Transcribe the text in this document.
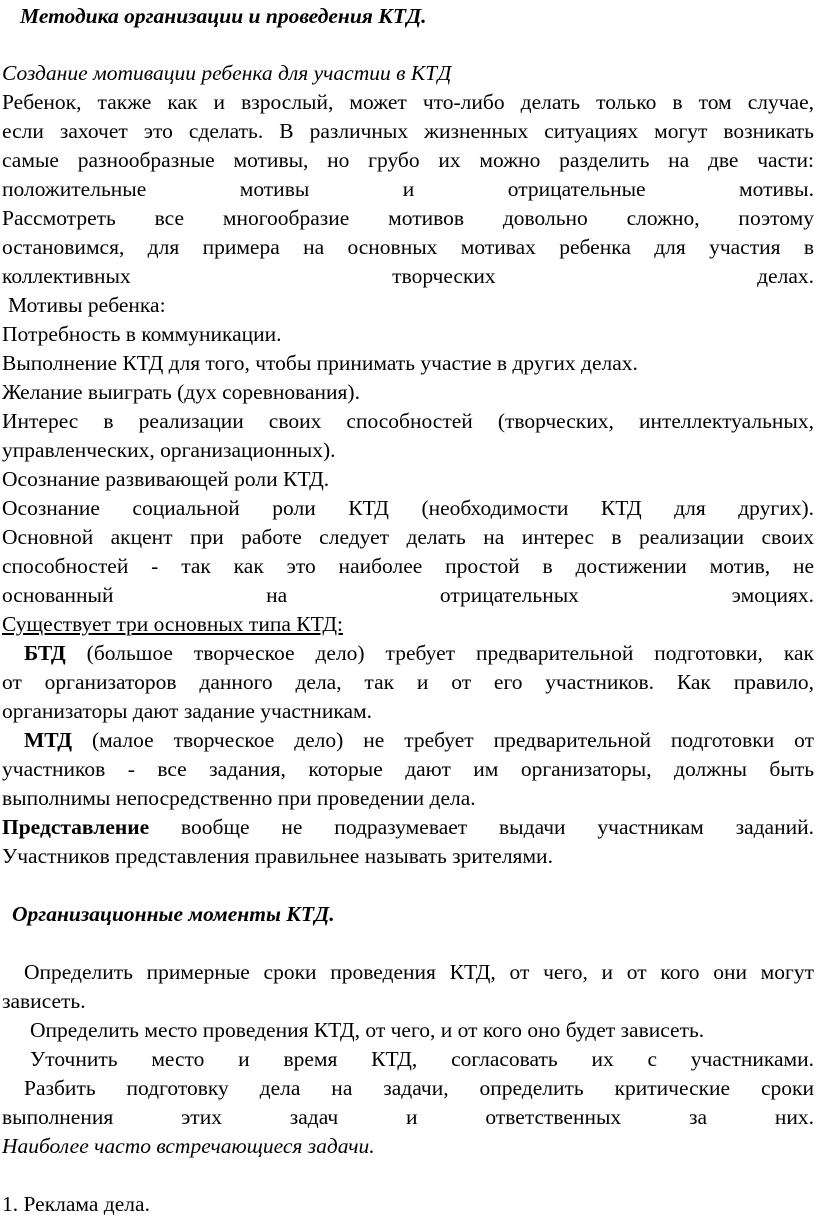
Методика организации и проведения КТД.

Создание мотивации ребенка для участии в КТД

Ребенок, также как и взрослый, может что-либо делать только в том случае,

если захочет это сделать. В различных жизненных ситуациях могут возникать

самые разнообразные мотивы, но грубо их можно разделить на две части:

положительные мотивы и отрицательные мотивы.

Рассмотреть все многообразие мотивов довольно сложно, поэтому

остановимся, для примера на основных мотивах ребенка для участия в

коллективных творческих делах.

Мотивы ребенка:

Потребность в коммуникации.

Выполнение КТД для того, чтобы принимать участие в других делах.

Желание выиграть (дух соревнования).

Интерес в реализации своих способностей (творческих, интеллектуальных,

управленческих, организационных).

Осознание развивающей роли КТД.

Осознание социальной роли КТД (необходимости КТД для других).

Основной акцент при работе следует делать на интерес в реализации своих

способностей - так как это наиболее простой в достижении мотив, не

основанный на отрицательных эмоциях.

Существует три основных типа КТД:

БТД (большое творческое дело) требует предварительной подготовки, как

от организаторов данного дела, так и от его участников. Как правило,

организаторы дают задание участникам.

МТД (малое творческое дело) не требует предварительной подготовки от

участников - все задания, которые дают им организаторы, должны быть

выполнимы непосредственно при проведении дела.

Представление вообще не подразумевает выдачи участникам заданий.

Участников представления правильнее называть зрителями.

Организационные моменты КТД.

Определить примерные сроки проведения КТД, от чего, и от кого они могут

зависеть.

Определить место проведения КТД, от чего, и от кого оно будет зависеть.

Уточнить место и время КТД, согласовать их с участниками.

Разбить подготовку дела на задачи, определить критические сроки

выполнения этих задач и ответственных за них.

Наиболее часто встречающиеся задачи.

1. Реклама дела.
